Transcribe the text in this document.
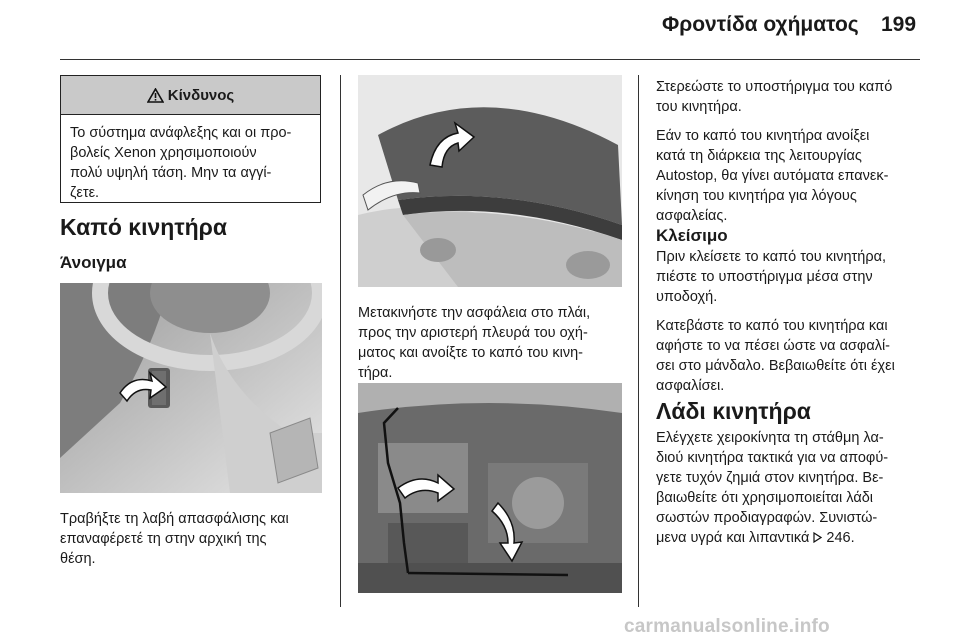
Φροντίδα οχήματος 199
Κίνδυνος
Το σύστημα ανάφλεξης και οι προ-
βολείς Xenon χρησιμοποιούν
πολύ υψηλή τάση. Μην τα αγγί-
ζετε.
Καπό κινητήρα
Άνοιγμα
Τραβήξτε τη λαβή απασφάλισης και
επαναφέρετέ τη στην αρχική της
θέση.
Μετακινήστε την ασφάλεια στο πλάι,
προς την αριστερή πλευρά του οχή-
ματος και ανοίξτε το καπό του κινη-
τήρα.

Στερεώστε το υποστήριγμα του καπό
του κινητήρα.

Εάν το καπό του κινητήρα ανοίξει
κατά τη διάρκεια της λειτουργίας
Autostop, θα γίνει αυτόματα επανεκ-
κίνηση του κινητήρα για λόγους
ασφαλείας.

Κλείσιμο

Πριν κλείσετε το καπό του κινητήρα,
πιέστε το υποστήριγμα μέσα στην
υποδοχή.

Κατεβάστε το καπό του κινητήρα και
αφήστε το να πέσει ώστε να ασφαλί-
σει στο μάνδαλο. Βεβαιωθείτε ότι έχει
ασφαλίσει.

Λάδι κινητήρα
Ελέγχετε χειροκίνητα τη στάθμη λα-
διού κινητήρα τακτικά για να αποφύ-
γετε τυχόν ζημιά στον κινητήρα. Βε-
βαιωθείτε ότι χρησιμοποιείται λάδι
σωστών προδιαγραφών. Συνιστώ-
μενα υγρά και λιπαντικά 246.
carmanualsonline.info
